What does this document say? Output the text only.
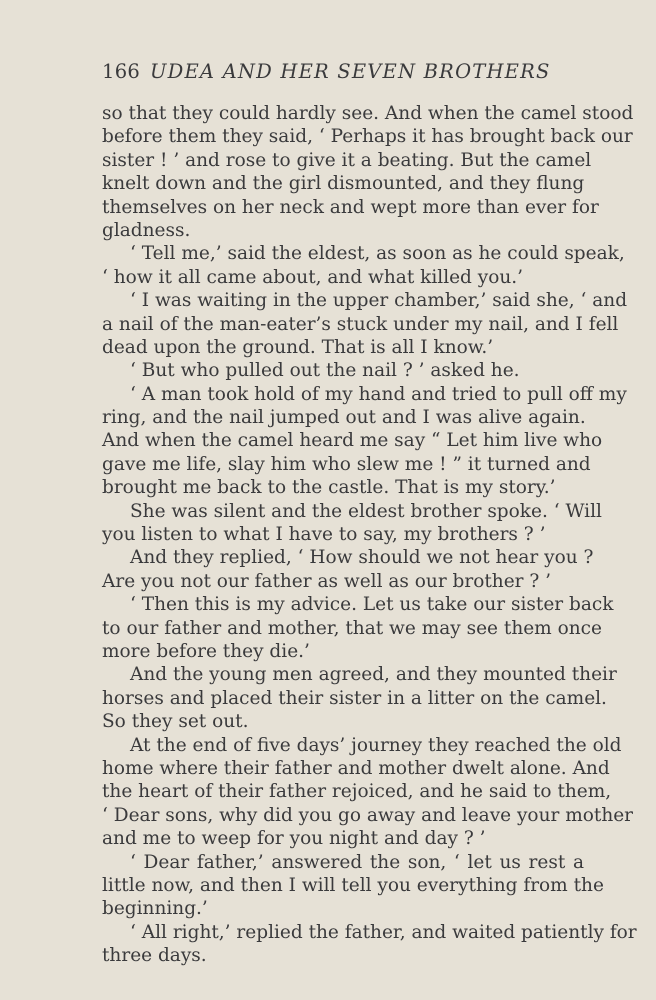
166 UDEA AND HER SEVEN BROTHERS
so that they could hardly see. And when the camel stood
before them they said, ‘ Perhaps it has brought back our
sister ! ’ and rose to give it a beating. But the camel
knelt down and the girl dismounted, and they flung
themselves on her neck and wept more than ever for
gladness.
‘ Tell me,’ said the eldest, as soon as he could speak,
‘ how it all came about, and what killed you.’
‘ I was waiting in the upper chamber,’ said she, ‘ and
a nail of the man-eater’s stuck under my nail, and I fell
dead upon the ground. That is all I know.’
‘ But who pulled out the nail ? ’ asked he.
‘ A man took hold of my hand and tried to pull off my
ring, and the nail jumped out and I was alive again.
And when the camel heard me say “ Let him live who
gave me life, slay him who slew me ! ” it turned and
brought me back to the castle. That is my story.’
She was silent and the eldest brother spoke. ‘ Will
you listen to what I have to say, my brothers ? ’
And they replied, ‘ How should we not hear you ?
Are you not our father as well as our brother ? ’
‘ Then this is my advice. Let us take our sister back
to our father and mother, that we may see them once
more before they die.’
And the young men agreed, and they mounted their
horses and placed their sister in a litter on the camel.
So they set out.
At the end of five days’ journey they reached the old
home where their father and mother dwelt alone. And
the heart of their father rejoiced, and he said to them,
‘ Dear sons, why did you go away and leave your mother
and me to weep for you night and day ? ’
‘ Dear father,’ answered the son, ‘ let us rest a
little now, and then I will tell you everything from the
beginning.’
‘ All right,’ replied the father, and waited patiently for
three days.
